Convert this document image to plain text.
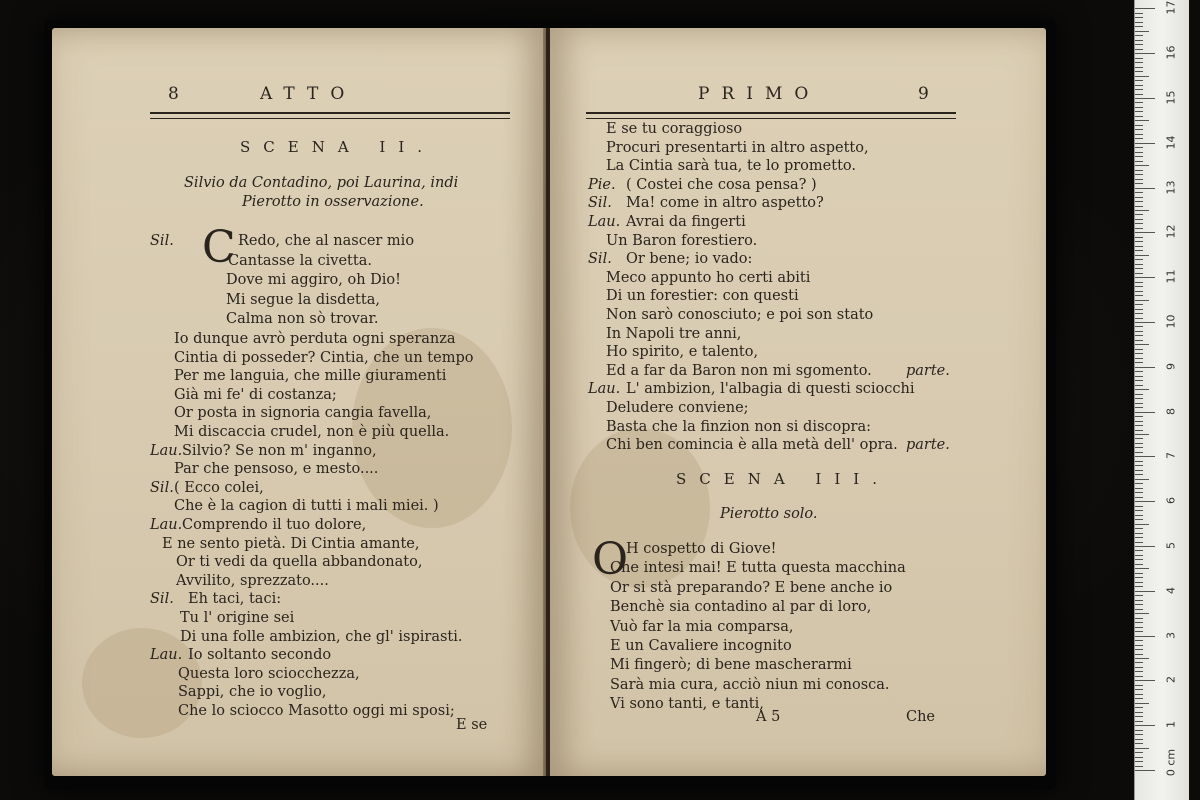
8	ATTO
SCENA II.
Silvio da Contadino, poi Laurina, indi
Pierotto in osservazione.
C
Sil.	Redo, che al nascer mio
Cantasse la civetta.
Dove mi aggiro, oh Dio!
Mi segue la disdetta,
Calma non sò trovar.
Io dunque avrò perduta ogni speranza
Cintia di posseder? Cintia, che un tempo
Per me languia, che mille giuramenti
Già mi fe' di costanza;
Or posta in signoria cangia favella,
Mi discaccia crudel, non è più quella.
Lau. Silvio? Se non m' inganno,
Par che pensoso, e mesto....
Sil. ( Ecco colei,
Che è la cagion di tutti i mali miei. )
Lau. Comprendo il tuo dolore,
E ne sento pietà. Di Cintia amante,
Or ti vedi da quella abbandonato,
Avvilito, sprezzato....
Sil. Eh taci, taci:
Tu l' origine sei
Di una folle ambizion, che gl' ispirasti.
Lau. Io soltanto secondo
Questa loro sciocchezza,
Sappi, che io voglio,
Che lo sciocco Masotto oggi mi sposi;
E se
PRIMO	9
E se tu coraggioso
Procuri presentarti in altro aspetto,
La Cintia sarà tua, te lo prometto.
Pie. ( Costei che cosa pensa? )
Sil. Ma! come in altro aspetto?
Lau. Avrai da fingerti
Un Baron forestiero.
Sil. Or bene; io vado:
Meco appunto ho certi abiti
Di un forestier: con questi
Non sarò conosciuto; e poi son stato
In Napoli tre anni,
Ho spirito, e talento,
Ed a far da Baron non mi sgomento. parte.
Lau. L' ambizion, l'albagia di questi sciocchi
Deludere conviene;
Basta che la finzion non si discopra:
Chi ben comincia è alla metà dell' opra. parte.
SCENA III.
Pierotto solo.
O
H cospetto di Giove!
Che intesi mai! E tutta questa macchina
Or si stà preparando? E bene anche io
Benchè sia contadino al par di loro,
Vuò far la mia comparsa,
E un Cavaliere incognito
Mi fingerò; di bene mascherarmi
Sarà mia cura, acciò niun mi conosca.
Vi sono tanti, e tanti,
A 5	Che	1
2
3
4
5
6
7
8
9
10
11
12
13
14
15
16
17
0 cm
